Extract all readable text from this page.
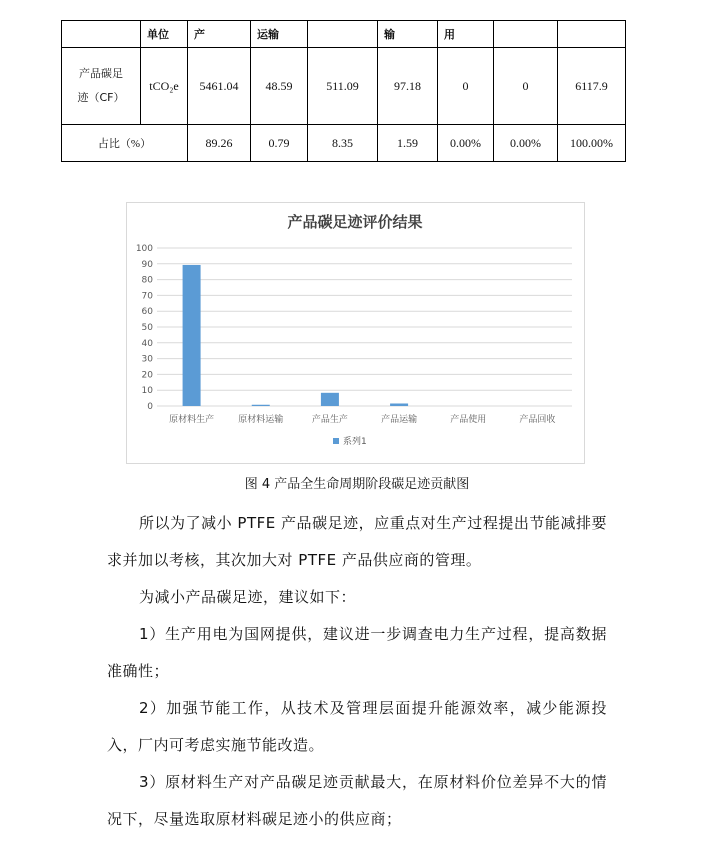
	单位	产	运输		输	用		

产品碳足
迹（CF）	tCO₂e	5461.04	48.59	511.09	97.18	0	0	6117.9
占比（%）		89.26	0.79	8.35	1.59	0.00%	0.00%	100.00%
产品碳足迹评价结果
0
10
20
30
40
50
60
70
80
90
100
原材料生产	原材料运输	产品生产	产品运输	产品使用	产品回收
系列1
图 4 产品全生命周期阶段碳足迹贡献图

所以为了减小 PTFE 产品碳足迹，应重点对生产过程提出节能减排要求并加以考核，其次加大对 PTFE 产品供应商的管理。

为减小产品碳足迹，建议如下：

1）生产用电为国网提供，建议进一步调查电力生产过程，提高数据准确性；

2）加强节能工作，从技术及管理层面提升能源效率，减少能源投入，厂内可考虑实施节能改造。

3）原材料生产对产品碳足迹贡献最大，在原材料价位差异不大的情况下，尽量选取原材料碳足迹小的供应商；
